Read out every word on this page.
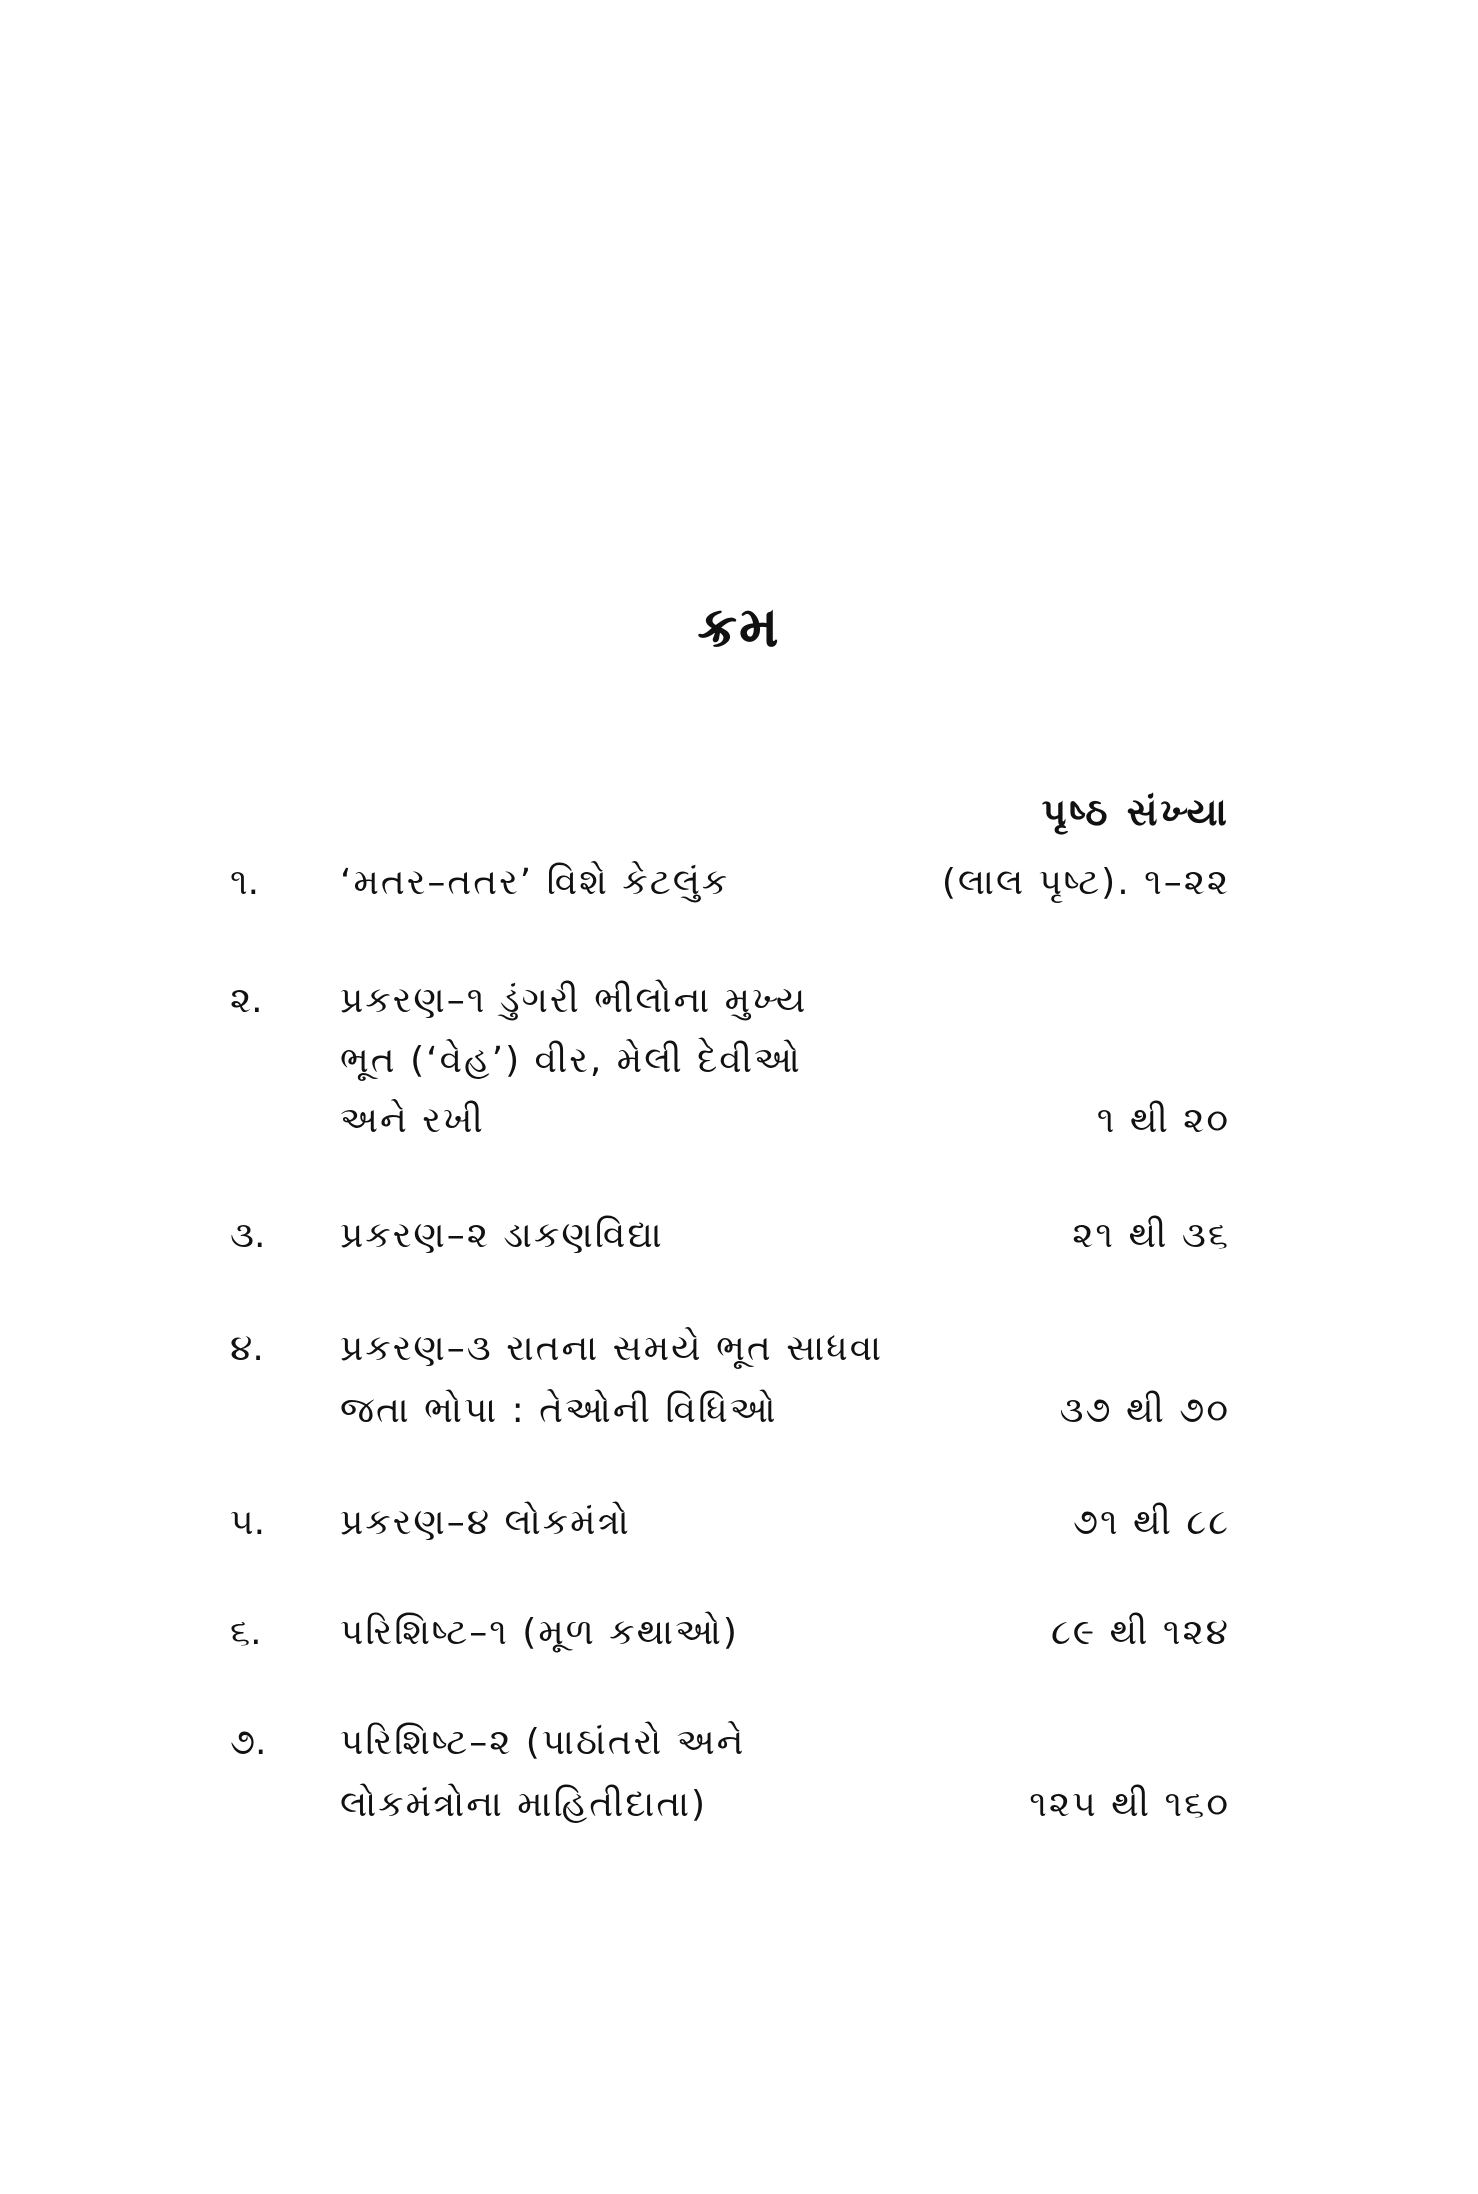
ક્રમ
પૃષ્ઠ સંખ્યા
૧.	‘મતર–તતર’ વિશે કેટલુંક	(લાલ પૃષ્ટ). ૧–૨૨
૨.	પ્રકરણ–૧ ડુંગરી ભીલોના મુખ્ય
ભૂત (‘વેહ’) વીર, મેલી દેવીઓ
અને રખી	૧ થી ૨૦
૩.	પ્રકરણ–૨ ડાકણવિદ્યા	૨૧ થી ૩૬
૪.	પ્રકરણ–૩ રાતના સમયે ભૂત સાધવા
જતા ભોપા : તેઓની વિધિઓ	૩૭ થી ૭૦
૫.	પ્રકરણ–૪ લોકમંત્રો	૭૧ થી ૮૮
૬.	પરિશિષ્ટ–૧ (મૂળ કથાઓ)	૮૯ થી ૧૨૪
૭.	પરિશિષ્ટ–૨ (પાઠાંતરો અને
લોકમંત્રોના માહિતીદાતા)	૧૨૫ થી ૧૬૦
